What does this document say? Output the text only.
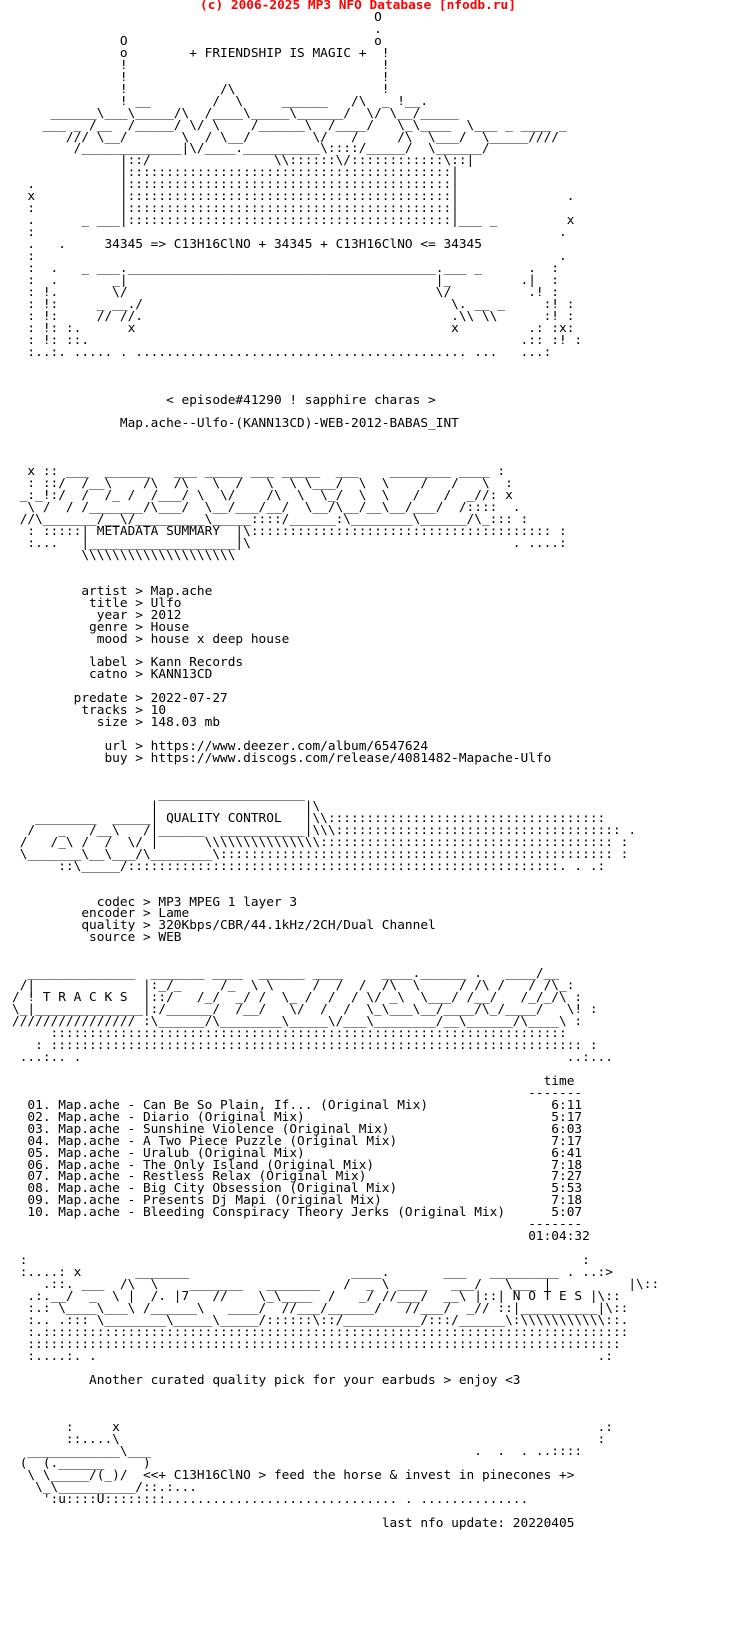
(c) 2006-2025 MP3 NFO Database [nfodb.ru]
O
.
O                                o
o        + FRIENDSHIP IS MAGIC +  !
!                                 !
!                                 !
!            /\                   !
! __        /  \     ______   /\  _ !__.
______\___\_____/\  /____\_____\______/  \/ \__/_____
___ _ /__  /_____/ \/ \    /______\  /____/   \_\____  \___ _ ____ _
/// \__/       \  / \__/        \/   /     /\  \___/  \_____////
/_____________|\/____.__________\::::/_____/  \______/
|::/                \\::::::\/::::::::::::\::|
|::::::::::::::::::::::::::::::::::::::::::|
.           |::::::::::::::::::::::::::::::::::::::::::|
x           |::::::::::::::::::::::::::::::::::::::::::|              .
:           |::::::::::::::::::::::::::::::::::::::::::|
.      _ ___|::::::::::::::::::::::::::::::::::::::::::|___ _         x
:                                                                    .
.   .     34345 => C13H16ClNO + 34345 + C13H16ClNO <= 34345
:                                                                    .
:  .   _ ___.________________________________________.___ _      .  :
:  .       _|                                        |_         .|  :
: !.       \/                                        \/          .! :
: !:     _ __./                                        \. __ _     :! :
: !:     // //.                                        .\\ \\      :! :
: !: :.      x                                         x         .: :x:
: !: ::.                                                        .:: :! :
:..:. ..... . ........................................... ...   ...:

< episode#41290 ! sapphire charas >

Map.ache--Ulfo-(KANN13CD)-WEB-2012-BABAS_INT

x :: ___  ______   ___ _____ ___ _____  ___    ________ ____ :
: ::/  /__\    /\  /\   \  /   \  \ \___/  \  \    /   /   \  :
_:_!:/  /  /_ /  /___/ \  \/    /\  \  \_/  \  \   /   /  _//: x
\ /  / /_______/\___/  \__/___/__/  \__/\__/__\__/___/  /::::  .
//\_______/__\/_________\_____::::/______:\________\______/\_::: :
: :::::| METADATA SUMMARY  |\::::::::::::::::::::::::::::::::::::::: :
:...   |___________________|\                                  . ....:
\\\\\\\\\\\\\\\\\\\\

artist > Map.ache
title > Ulfo
year > 2012
genre > House
mood > house x deep house

label > Kann Records
catno > KANN13CD

predate > 2022-07-27
tracks > 10
size > 148.03 mb

url > https://www.deezer.com/album/6547624
buy > https://www.discogs.com/release/4081482-Mapache-Ulfo

___________________
|                   |\
________  _____| QUALITY CONTROL   |\\::::::::::::::::::::::::::::::::::::
/   _   /__\   /|______  ___________|\\\::::::::::::::::::::::::::::::::::::: .
/   /_\ /  /  \/ |      \\\\\\\\\\\\\\\:::::::::::::::::::::::::::::::::::::: :
\_______\__\___/\________\::::::::::::::::::::::::::::::::::::::::::::::::::: :
::\_____/::::::::::::::::::::::::::::::::::::::::::::::::::::::::. . .:

codec > MP3 MPEG 1 layer 3
encoder > Lame
quality > 320Kbps/CBR/44.1kHz/2CH/Dual Channel
source > WEB

______________  _______ ____  ______ ____     ____.______ .   ____/__
/|              |:_/_     /_  \ \     /  /  /  /\  \     / /\ /   / /\_:
/ ! T R A C K S  |::/   /_/  _/ /  \_ /  /  / \/ _\  \___/ /__/   /_/_/\ :
\_|______________|:/______/  /__/   \/  /  /  \_\___\__/____/\_/____/   \! :
//////////////// :\______/\________\_____\/___\________/__\______/\____\ :
:::::::::::::::::::::::::::::::::::::::::::::::::::::::::::::::::::
: ::::::::::::::::::::::::::::::::::::::::::::::::::::::::::::::::::::: :
...:.. .                                                               ..:...

time
-------
01. Map.ache - Can Be So Plain, If... (Original Mix)                6:11
02. Map.ache - Diario (Original Mix)                                5:17
03. Map.ache - Sunshine Violence (Original Mix)                     6:03
04. Map.ache - A Two Piece Puzzle (Original Mix)                    7:17
05. Map.ache - Uralub (Original Mix)                                6:41
06. Map.ache - The Only Island (Original Mix)                       7:18
07. Map.ache - Restless Relax (Original Mix)                        7:27
08. Map.ache - Big City Obsession (Original Mix)                    5:53
09. Map.ache - Presents Dj Mapi (Original Mix)                      7:18
10. Map.ache - Bleeding Conspiracy Theory Jerks (Original Mix)      5:07
-------
01:04:32

:                                                                        :
:....: x       _______                     ____.       ___   _________ . ..:>
.::. ___  /\  \    _______   _______   /  _ \ ____   ___/   \___ |          |\::
.:.__/  _  \ |  /. |7   //    \_\____  /   _/ //___/  __\ |::| N O T E S |\::
:.: \____\___\ /______\   ____/  //___/______/   //___/  _// ::|__________|\::
:.. .::: \________\_____\_____/::::::\::/__________/:::/______\:\\\\\\\\\\\::.
:.::::::::::::::::::::::::::::::::::::::::::::::::::::::::::::::::::::::::::::
:::::::::::::::::::::::::::::::::::::::::::::::::::::::::::::::::::::::::::::
:....:. .                                                                 .:

Another curated quality pick for your earbuds > enjoy <3

:     x                                                              .:
::....\                                                              :
____________\___                                          .  .  . ..::::
(  (.______     )
\ \_____/(_)/  <<+ C13H16ClNO > feed the horse & invest in pinecones +>
\_\__________/::.:...
':u::::U::::::::.............................. . ..............

last nfo update: 20220405
